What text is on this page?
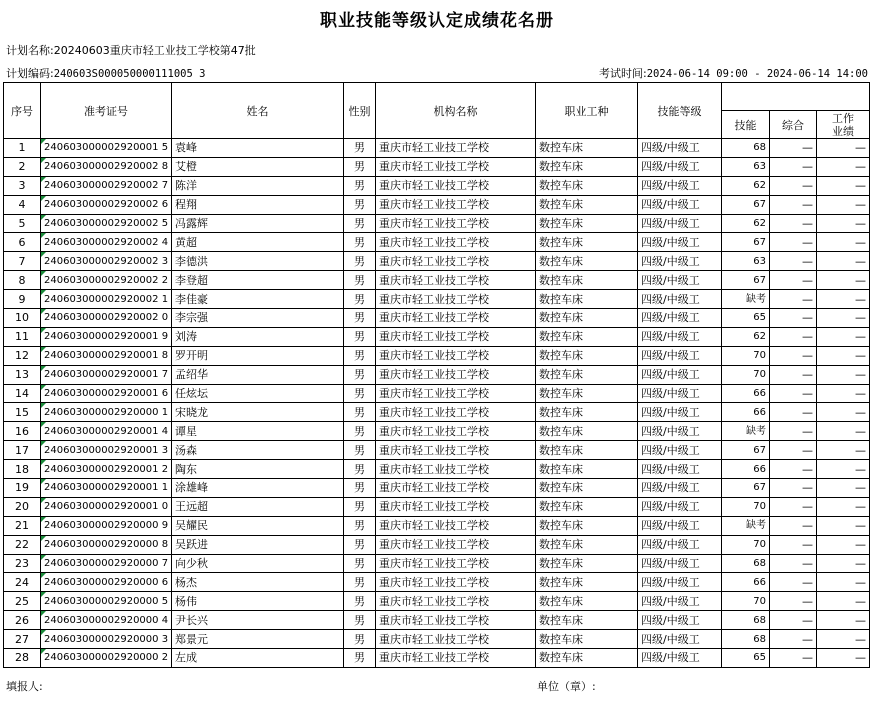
职业技能等级认定成绩花名册
计划名称:20240603重庆市轻工业技工学校第47批
计划编码:240603S000050000111005 3	考试时间:2024-06-14 09:00 - 2024-06-14 14:00
序号	准考证号	姓名	性别	机构名称	职业工种	技能等级			
							技能	综合	工作
业绩
1	240603000002920001 5	袁峰	男	重庆市轻工业技工学校	数控车床	四级/中级工	68	—	—
2	240603000002920002 8	艾橙	男	重庆市轻工业技工学校	数控车床	四级/中级工	63	—	—
3	240603000002920002 7	陈洋	男	重庆市轻工业技工学校	数控车床	四级/中级工	62	—	—
4	240603000002920002 6	程翔	男	重庆市轻工业技工学校	数控车床	四级/中级工	67	—	—
5	240603000002920002 5	冯露辉	男	重庆市轻工业技工学校	数控车床	四级/中级工	62	—	—
6	240603000002920002 4	黄超	男	重庆市轻工业技工学校	数控车床	四级/中级工	67	—	—
7	240603000002920002 3	李德洪	男	重庆市轻工业技工学校	数控车床	四级/中级工	63	—	—
8	240603000002920002 2	李登超	男	重庆市轻工业技工学校	数控车床	四级/中级工	67	—	—
9	240603000002920002 1	李佳豪	男	重庆市轻工业技工学校	数控车床	四级/中级工	缺考	—	—
10	240603000002920002 0	李宗强	男	重庆市轻工业技工学校	数控车床	四级/中级工	65	—	—
11	240603000002920001 9	刘涛	男	重庆市轻工业技工学校	数控车床	四级/中级工	62	—	—
12	240603000002920001 8	罗开明	男	重庆市轻工业技工学校	数控车床	四级/中级工	70	—	—
13	240603000002920001 7	孟绍华	男	重庆市轻工业技工学校	数控车床	四级/中级工	70	—	—
14	240603000002920001 6	任炫坛	男	重庆市轻工业技工学校	数控车床	四级/中级工	66	—	—
15	240603000002920000 1	宋晓龙	男	重庆市轻工业技工学校	数控车床	四级/中级工	66	—	—
16	240603000002920001 4	谭星	男	重庆市轻工业技工学校	数控车床	四级/中级工	缺考	—	—
17	240603000002920001 3	汤森	男	重庆市轻工业技工学校	数控车床	四级/中级工	67	—	—
18	240603000002920001 2	陶东	男	重庆市轻工业技工学校	数控车床	四级/中级工	66	—	—
19	240603000002920001 1	涂雄峰	男	重庆市轻工业技工学校	数控车床	四级/中级工	67	—	—
20	240603000002920001 0	王远超	男	重庆市轻工业技工学校	数控车床	四级/中级工	70	—	—
21	240603000002920000 9	吴耀民	男	重庆市轻工业技工学校	数控车床	四级/中级工	缺考	—	—
22	240603000002920000 8	吴跃进	男	重庆市轻工业技工学校	数控车床	四级/中级工	70	—	—
23	240603000002920000 7	向少秋	男	重庆市轻工业技工学校	数控车床	四级/中级工	68	—	—
24	240603000002920000 6	杨杰	男	重庆市轻工业技工学校	数控车床	四级/中级工	66	—	—
25	240603000002920000 5	杨伟	男	重庆市轻工业技工学校	数控车床	四级/中级工	70	—	—
26	240603000002920000 4	尹长兴	男	重庆市轻工业技工学校	数控车床	四级/中级工	68	—	—
27	240603000002920000 3	郑景元	男	重庆市轻工业技工学校	数控车床	四级/中级工	68	—	—
28	240603000002920000 2	左成	男	重庆市轻工业技工学校	数控车床	四级/中级工	65	—	—
填报人:	单位（章）:
